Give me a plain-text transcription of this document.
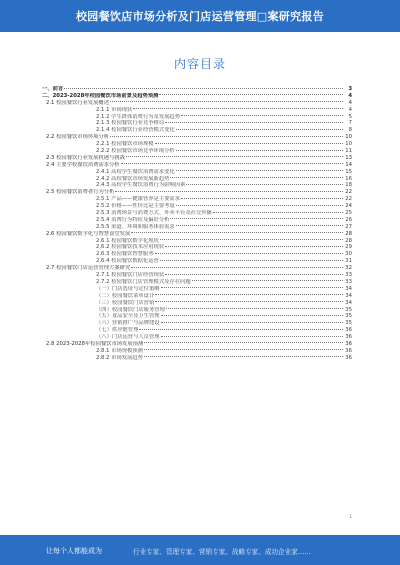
校园餐饮店市场分析及门店运营管理□案研究报告
内容目录
一、前言	3
二、2023-2028年校园餐饮市场前景及趋势预测	4
2.1 校园餐饮行业发展概述	4
2.1.1 市场现状	4
2.1.2 学生群体消费行为及发展趋势	5
2.1.3 校园餐饮行业竞争格局	7
2.1.4 校园餐饮行业经营模式变化	8
2.2 校园餐饮市场环境分析	10
2.2.1 校园餐饮市场规模	10
2.2.2 校园餐饮市场竞争环境分析	11
2.3 校园餐饮行业发展机遇与挑战	13
2.4 主要学校餐饮消费需求分析	14
2.4.1 高校学生餐饮消费需求变化	15
2.4.2 高校餐饮市场发展新趋势	16
2.4.3 高校学生餐饮消费行为影响因素	18
2.5 校园餐饮消费者行为分析	22
2.5.1 产品——健康营养是主要需求	22
2.5.2 价格——性价比是主要考量	24
2.5.3 消费场景与消费方式、外卖平台及社交传播	25
2.5.4 消费行为特征及偏好分析	26
2.5.5 渠道、环境和服务体验需求	27
2.6 校园餐饮数字化与智慧食堂发展	28
2.6.1 校园餐饮数字化现状	28
2.6.2 校园餐饮技术应用现状	29
2.6.3 校园餐饮智慧服务	30
2.6.4 校园餐饮数据化运营	31
2.7 校园餐饮门店运营管理方案研究	32
2.7.1 校园餐饮门店经营现状	33
2.7.2 校园餐饮门店管理模式及存在问题	33
（一）门店选址与定位策略	34
（二）校园餐饮菜单设计	34
（三）校园餐饮门店营销	34
（四）校园餐饮门店服务管理	35
（五）食品安全及卫生管理	35
（六）营销推广与品牌建设	35
（七）供应链管理	36
（八）门店运营与人员管理	36
2.8 2023-2028年校园餐饮市场发展预测	36
2.8.1 市场规模预测	36
2.8.2 市场发展趋势	36
1
让每个人都能成为	行业专家、管理专家、营销专家、战略专家、成功企业家……
